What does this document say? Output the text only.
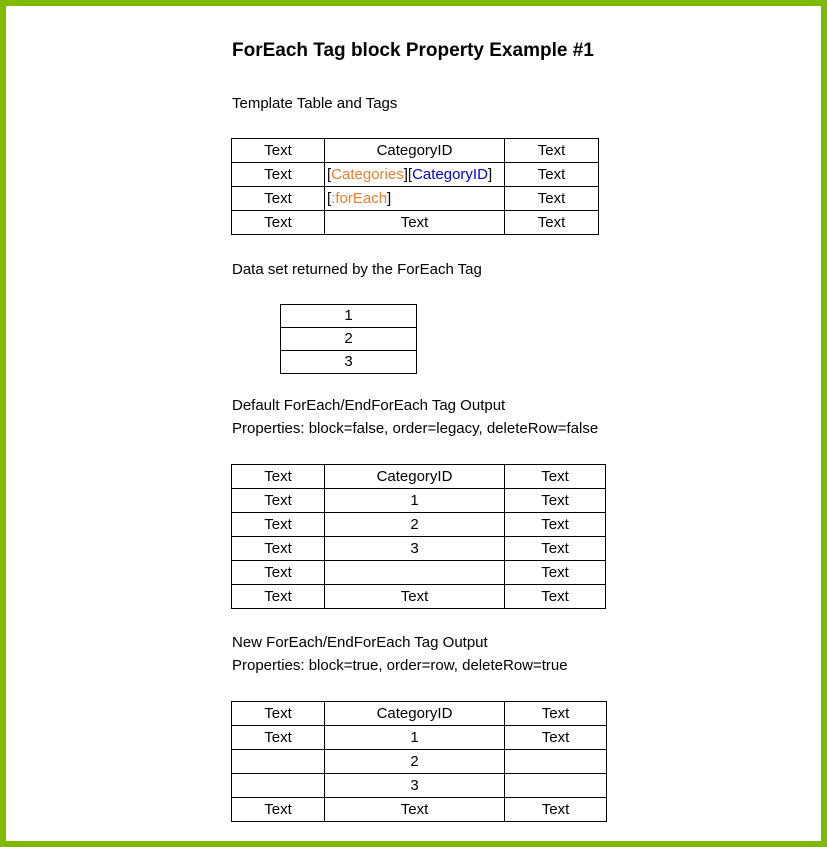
ForEach Tag block Property Example #1
Template Table and Tags
Text	CategoryID	Text
Text	[Categories][CategoryID]	Text
Text	[:forEach]	Text
Text	Text	Text
Data set returned by the ForEach Tag
1
2
3
Default ForEach/EndForEach Tag Output
Properties: block=false, order=legacy, deleteRow=false
Text	CategoryID	Text
Text	1	Text
Text	2	Text
Text	3	Text
Text		Text
Text	Text	Text
New ForEach/EndForEach Tag Output
Properties: block=true, order=row, deleteRow=true
Text	CategoryID	Text
Text	1	Text
	2	
	3	
Text	Text	Text
